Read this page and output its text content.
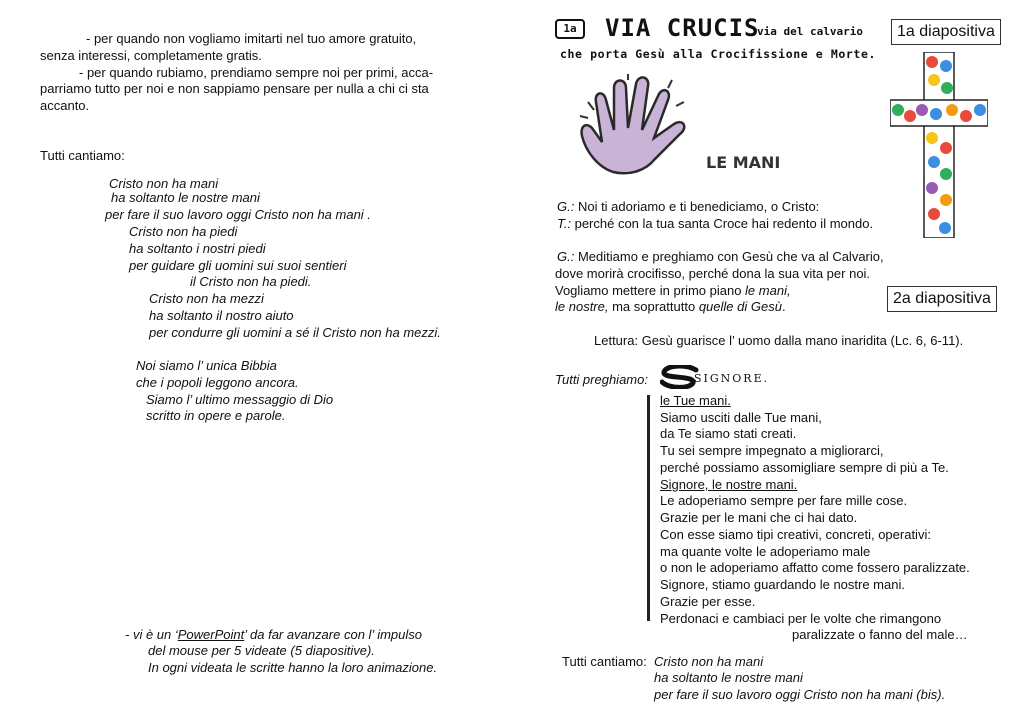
- per quando non vogliamo imitarti nel tuo amore gratuito,
senza interessi, completamente gratis.
- per quando rubiamo, prendiamo sempre noi per primi, acca-
parriamo tutto per noi e non sappiamo pensare per nulla a chi ci sta
accanto.
Tutti cantiamo:
Cristo non ha mani
ha soltanto le nostre mani
per fare il suo lavoro oggi Cristo non ha mani .
Cristo non ha piedi
ha soltanto i nostri piedi
per guidare gli uomini sui suoi sentieri
il Cristo non ha piedi.
Cristo non ha mezzi
ha soltanto il nostro aiuto
per condurre gli uomini a sé il Cristo non ha mezzi.
Noi siamo l’ unica Bibbia
che i popoli leggono ancora.
Siamo l’ ultimo messaggio di Dio
scritto in opere e parole.
- vi è un ‘PowerPoint’ da far avanzare con l’ impulso
del mouse per 5 videate (5 diapositive).
In ogni videata le scritte hanno la loro animazione.
1a	VIA CRUCIS
via del calvario
che porta Gesù alla Crocifissione e Morte.
1a diapositiva
2a diapositiva
LE MANI
G.: Noi ti adoriamo e ti benediciamo, o Cristo:
T.: perché con la tua santa Croce hai redento il mondo.
G.: Meditiamo e preghiamo con Gesù che va al Calvario,
dove morirà crocifisso, perché dona la sua vita per noi.
Vogliamo mettere in primo piano le mani,
le nostre, ma soprattutto quelle di Gesù.
Lettura: Gesù guarisce l’ uomo dalla mano inaridita (Lc. 6, 6-11).
Tutti preghiamo:	SIGNORE.
le Tue mani.
Siamo usciti dalle Tue mani,
da Te siamo stati creati.
Tu sei sempre impegnato a migliorarci,
perché possiamo assomigliare sempre di più a Te.
Signore, le nostre mani.
Le adoperiamo sempre per fare mille cose.
Grazie per le mani che ci hai dato.
Con esse siamo tipi creativi, concreti, operativi:
ma quante volte le adoperiamo male
o non le adoperiamo affatto come fossero paralizzate.
Signore, stiamo guardando le nostre mani.
Grazie per esse.
Perdonaci e cambiaci per le volte che rimangono
paralizzate o fanno del male…
Tutti cantiamo: Cristo non ha mani
ha soltanto le nostre mani
per fare il suo lavoro oggi Cristo non ha mani (bis).
